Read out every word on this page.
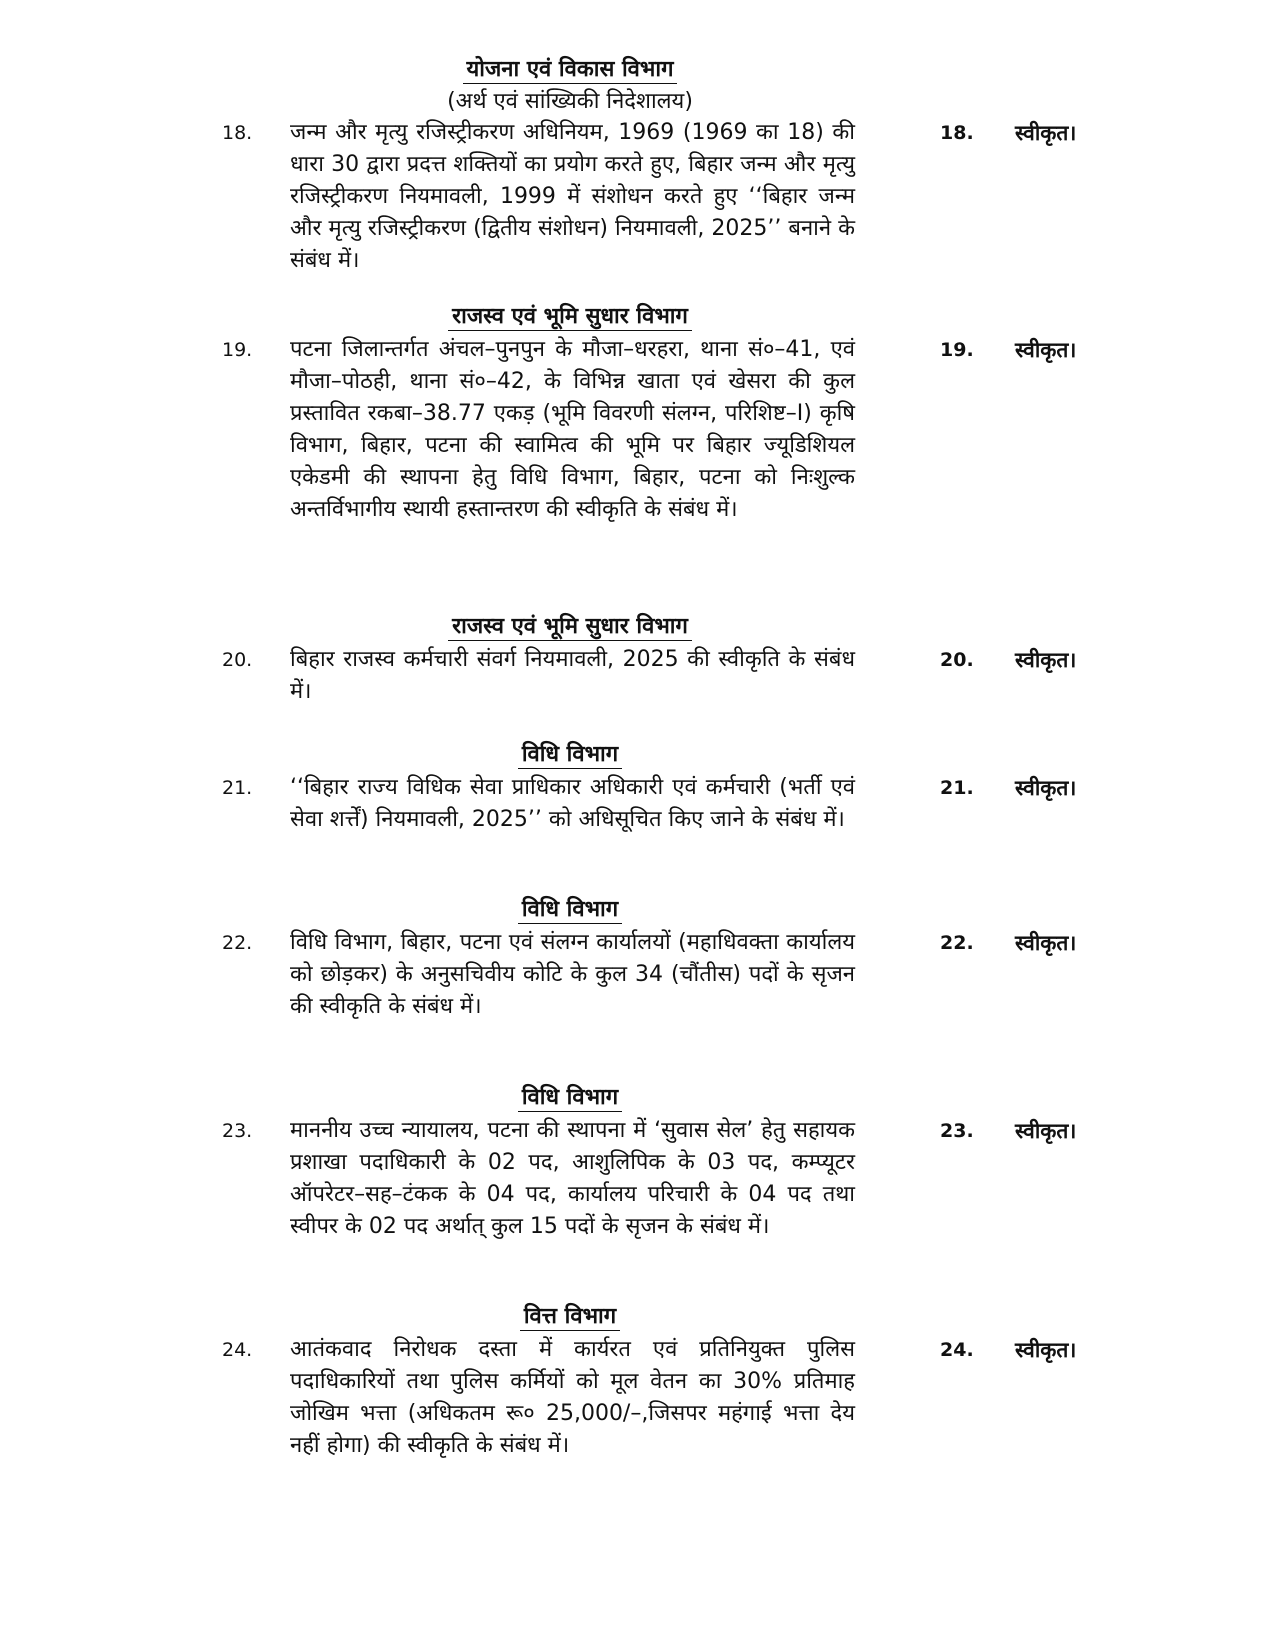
योजना एवं विकास विभाग
(अर्थ एवं सांख्यिकी निदेशालय)
18. जन्म और मृत्यु रजिस्ट्रीकरण अधिनियम, 1969 (1969 का 18) की धारा 30 द्वारा प्रदत्त शक्तियों का प्रयोग करते हुए, बिहार जन्म और मृत्यु रजिस्ट्रीकरण नियमावली, 1999 में संशोधन करते हुए ‘‘बिहार जन्म और मृत्यु रजिस्ट्रीकरण (द्वितीय संशोधन) नियमावली, 2025’’ बनाने के संबंध में।
18. स्वीकृत।
राजस्व एवं भूमि सुधार विभाग
19. पटना जिलान्तर्गत अंचल–पुनपुन के मौजा–धरहरा, थाना सं०–41, एवं मौजा–पोठही, थाना सं०–42, के विभिन्न खाता एवं खेसरा की कुल प्रस्तावित रकबा–38.77 एकड़ (भूमि विवरणी संलग्न, परिशिष्ट–I) कृषि विभाग, बिहार, पटना की स्वामित्व की भूमि पर बिहार ज्यूडिशियल एकेडमी की स्थापना हेतु विधि विभाग, बिहार, पटना को निःशुल्क अन्तर्विभागीय स्थायी हस्तान्तरण की स्वीकृति के संबंध में।
19. स्वीकृत।
राजस्व एवं भूमि सुधार विभाग
20. बिहार राजस्व कर्मचारी संवर्ग नियमावली, 2025 की स्वीकृति के संबंध में।
20. स्वीकृत।
विधि विभाग
21. ‘‘बिहार राज्य विधिक सेवा प्राधिकार अधिकारी एवं कर्मचारी (भर्ती एवं सेवा शर्त्तें) नियमावली, 2025’’ को अधिसूचित किए जाने के संबंध में।
21. स्वीकृत।
विधि विभाग
22. विधि विभाग, बिहार, पटना एवं संलग्न कार्यालयों (महाधिवक्ता कार्यालय को छोड़कर) के अनुसचिवीय कोटि के कुल 34 (चौंतीस) पदों के सृजन की स्वीकृति के संबंध में।
22. स्वीकृत।
विधि विभाग
23. माननीय उच्च न्यायालय, पटना की स्थापना में ‘सुवास सेल’ हेतु सहायक प्रशाखा पदाधिकारी के 02 पद, आशुलिपिक के 03 पद, कम्प्यूटर ऑपरेटर–सह–टंकक के 04 पद, कार्यालय परिचारी के 04 पद तथा स्वीपर के 02 पद अर्थात् कुल 15 पदों के सृजन के संबंध में।
23. स्वीकृत।
वित्त विभाग
24. आतंकवाद निरोधक दस्ता में कार्यरत एवं प्रतिनियुक्त पुलिस पदाधिकारियों तथा पुलिस कर्मियों को मूल वेतन का 30% प्रतिमाह जोखिम भत्ता (अधिकतम रू० 25,000/–,जिसपर महंगाई भत्ता देय नहीं होगा) की स्वीकृति के संबंध में।
24. स्वीकृत।
